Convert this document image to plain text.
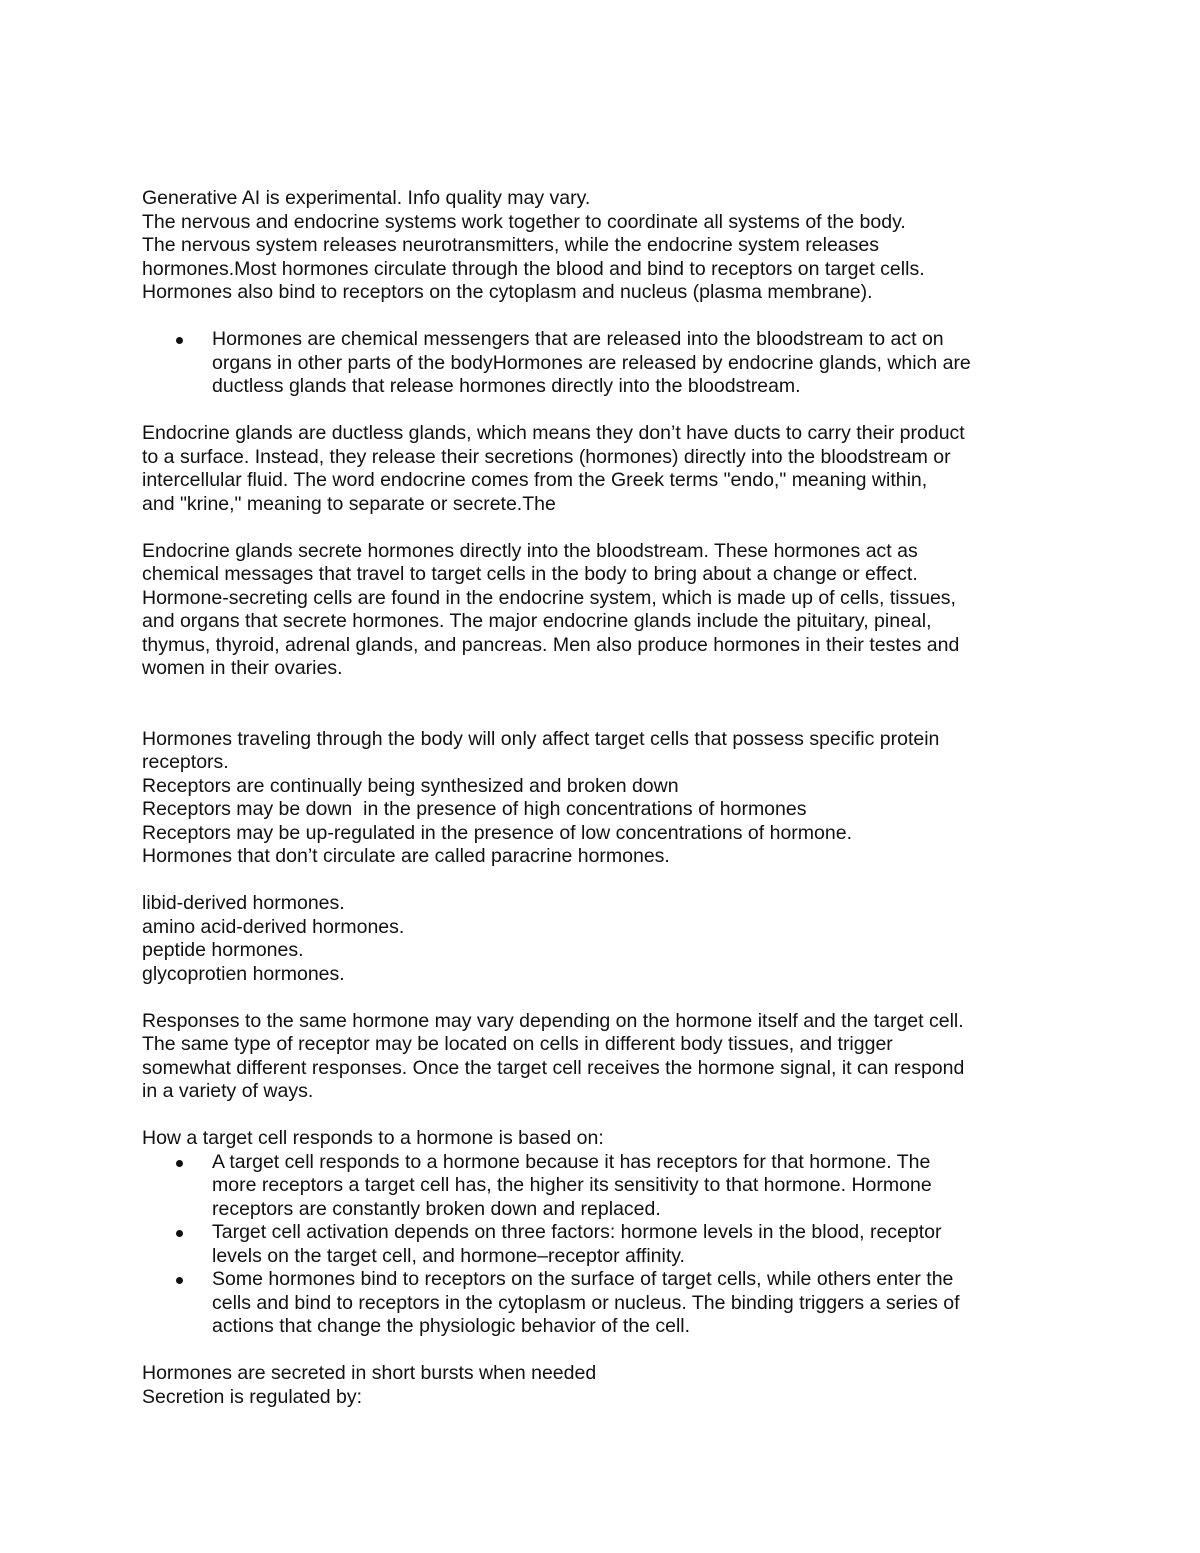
Generative AI is experimental. Info quality may vary.
The nervous and endocrine systems work together to coordinate all systems of the body.
The nervous system releases neurotransmitters, while the endocrine system releases
hormones.Most hormones circulate through the blood and bind to receptors on target cells.
Hormones also bind to receptors on the cytoplasm and nucleus (plasma membrane).
Hormones are chemical messengers that are released into the bloodstream to act on
organs in other parts of the bodyHormones are released by endocrine glands, which are
ductless glands that release hormones directly into the bloodstream.
Endocrine glands are ductless glands, which means they don’t have ducts to carry their product
to a surface. Instead, they release their secretions (hormones) directly into the bloodstream or
intercellular fluid. The word endocrine comes from the Greek terms "endo," meaning within,
and "krine," meaning to separate or secrete.The
Endocrine glands secrete hormones directly into the bloodstream. These hormones act as
chemical messages that travel to target cells in the body to bring about a change or effect.
Hormone-secreting cells are found in the endocrine system, which is made up of cells, tissues,
and organs that secrete hormones. The major endocrine glands include the pituitary, pineal,
thymus, thyroid, adrenal glands, and pancreas. Men also produce hormones in their testes and
women in their ovaries.
Hormones traveling through the body will only affect target cells that possess specific protein
receptors.
Receptors are continually being synthesized and broken down
Receptors may be down  in the presence of high concentrations of hormones
Receptors may be up-regulated in the presence of low concentrations of hormone.
Hormones that don’t circulate are called paracrine hormones.
libid-derived hormones.
amino acid-derived hormones.
peptide hormones.
glycoprotien hormones.
Responses to the same hormone may vary depending on the hormone itself and the target cell.
The same type of receptor may be located on cells in different body tissues, and trigger
somewhat different responses. Once the target cell receives the hormone signal, it can respond
in a variety of ways.
How a target cell responds to a hormone is based on:
A target cell responds to a hormone because it has receptors for that hormone. The
more receptors a target cell has, the higher its sensitivity to that hormone. Hormone
receptors are constantly broken down and replaced.
Target cell activation depends on three factors: hormone levels in the blood, receptor
levels on the target cell, and hormone–receptor affinity.
Some hormones bind to receptors on the surface of target cells, while others enter the
cells and bind to receptors in the cytoplasm or nucleus. The binding triggers a series of
actions that change the physiologic behavior of the cell.
Hormones are secreted in short bursts when needed
Secretion is regulated by:
